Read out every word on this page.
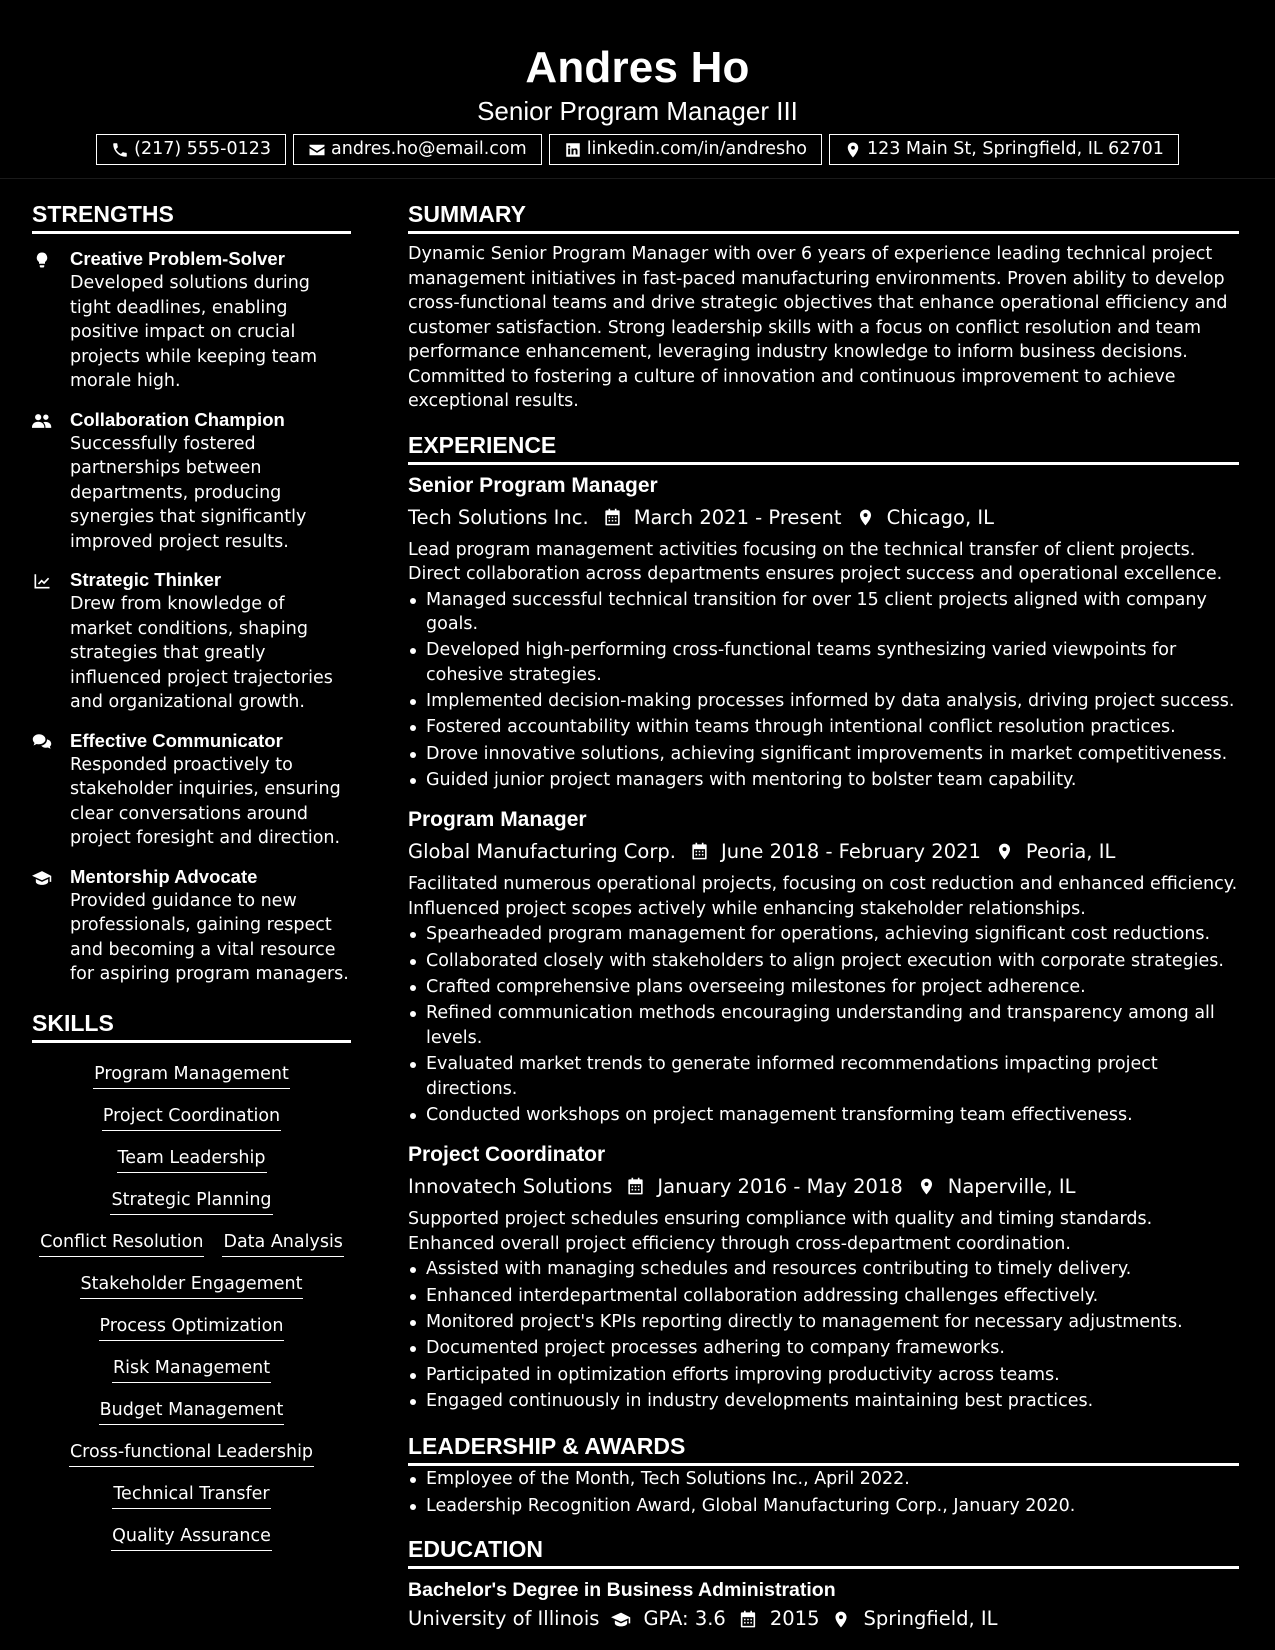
Andres Ho
Senior Program Manager III
(217) 555-0123	andres.ho@email.com	linkedin.com/in/andresho	123 Main St, Springfield, IL 62701
STRENGTHS
Creative Problem-Solver
Developed solutions during tight deadlines, enabling positive impact on crucial projects while keeping team morale high.
Collaboration Champion
Successfully fostered partnerships between departments, producing synergies that significantly improved project results.
Strategic Thinker
Drew from knowledge of market conditions, shaping strategies that greatly influenced project trajectories and organizational growth.
Effective Communicator
Responded proactively to stakeholder inquiries, ensuring clear conversations around project foresight and direction.
Mentorship Advocate
Provided guidance to new professionals, gaining respect and becoming a vital resource for aspiring program managers.
SKILLS
Program Management
Project Coordination
Team Leadership
Strategic Planning
Conflict Resolution Data Analysis
Stakeholder Engagement
Process Optimization
Risk Management
Budget Management
Cross-functional Leadership
Technical Transfer
Quality Assurance
SUMMARY
Dynamic Senior Program Manager with over 6 years of experience leading technical project management initiatives in fast-paced manufacturing environments. Proven ability to develop cross-functional teams and drive strategic objectives that enhance operational efficiency and customer satisfaction. Strong leadership skills with a focus on conflict resolution and team performance enhancement, leveraging industry knowledge to inform business decisions. Committed to fostering a culture of innovation and continuous improvement to achieve exceptional results.
EXPERIENCE
Senior Program Manager
Tech Solutions Inc. March 2021 - Present Chicago, IL
Lead program management activities focusing on the technical transfer of client projects. Direct collaboration across departments ensures project success and operational excellence.
Managed successful technical transition for over 15 client projects aligned with company goals.
Developed high-performing cross-functional teams synthesizing varied viewpoints for cohesive strategies.
Implemented decision-making processes informed by data analysis, driving project success.
Fostered accountability within teams through intentional conflict resolution practices.
Drove innovative solutions, achieving significant improvements in market competitiveness.
Guided junior project managers with mentoring to bolster team capability.
Program Manager
Global Manufacturing Corp. June 2018 - February 2021 Peoria, IL
Facilitated numerous operational projects, focusing on cost reduction and enhanced efficiency. Influenced project scopes actively while enhancing stakeholder relationships.
Spearheaded program management for operations, achieving significant cost reductions.
Collaborated closely with stakeholders to align project execution with corporate strategies.
Crafted comprehensive plans overseeing milestones for project adherence.
Refined communication methods encouraging understanding and transparency among all levels.
Evaluated market trends to generate informed recommendations impacting project directions.
Conducted workshops on project management transforming team effectiveness.
Project Coordinator
Innovatech Solutions January 2016 - May 2018 Naperville, IL
Supported project schedules ensuring compliance with quality and timing standards. Enhanced overall project efficiency through cross-department coordination.
Assisted with managing schedules and resources contributing to timely delivery.
Enhanced interdepartmental collaboration addressing challenges effectively.
Monitored project's KPIs reporting directly to management for necessary adjustments.
Documented project processes adhering to company frameworks.
Participated in optimization efforts improving productivity across teams.
Engaged continuously in industry developments maintaining best practices.
LEADERSHIP & AWARDS
Employee of the Month, Tech Solutions Inc., April 2022.
Leadership Recognition Award, Global Manufacturing Corp., January 2020.
EDUCATION
Bachelor's Degree in Business Administration
University of Illinois GPA: 3.6 2015 Springfield, IL
